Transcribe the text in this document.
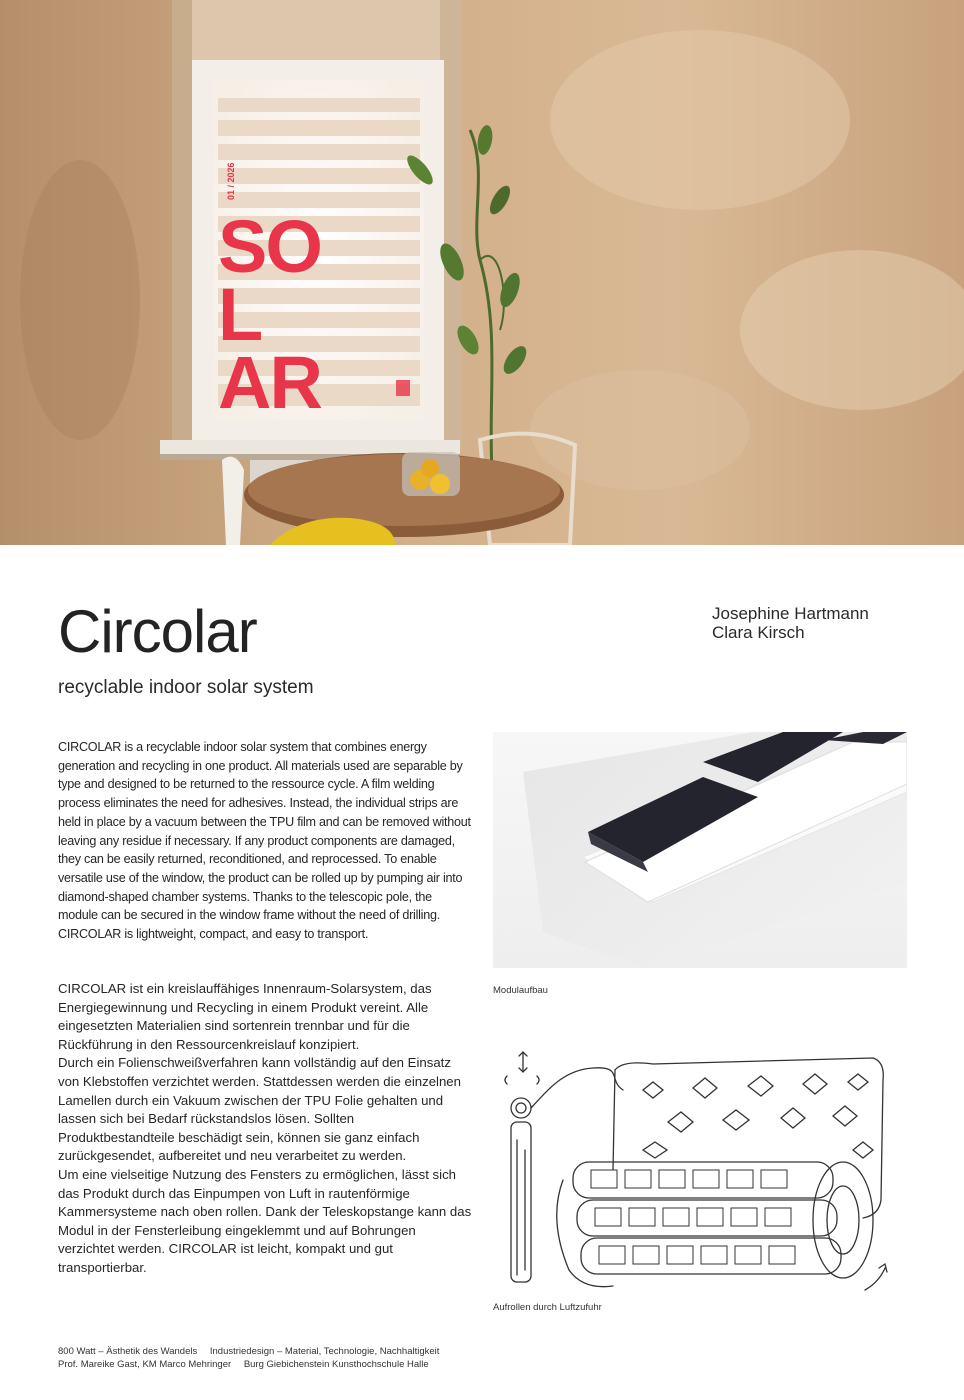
01 / 2026
SO
L
AR
Circolar
recyclable indoor solar system
Josephine Hartmann
Clara Kirsch

CIRCOLAR is a recyclable indoor solar system that combines energy generation and recycling in one product. All materials used are separable by type and designed to be returned to the ressource cycle. A film welding process eliminates the need for adhesives. Instead, the individual strips are held in place by a vacuum between the TPU film and can be removed without leaving any residue if necessary. If any product components are damaged, they can be easily returned, reconditioned, and reprocessed. To enable versatile use of the window, the product can be rolled up by pumping air into diamond-shaped chamber systems. Thanks to the telescopic pole, the module can be secured in the window frame without the need of drilling. CIRCOLAR is lightweight, compact, and easy to transport.

CIRCOLAR ist ein kreislauffähiges Innenraum-Solarsystem, das Energiegewinnung und Recycling in einem Produkt vereint. Alle eingesetzten Materialien sind sortenrein trennbar und für die Rückführung in den Ressourcenkreislauf konzipiert.

Durch ein Folienschweißverfahren kann vollständig auf den Einsatz von Klebstoffen verzichtet werden. Stattdessen werden die einzelnen Lamellen durch ein Vakuum zwischen der TPU Folie gehalten und lassen sich bei Bedarf rückstandslos lösen. Sollten Produktbestandteile beschädigt sein, können sie ganz einfach zurückgesendet, aufbereitet und neu verarbeitet zu werden.

Um eine vielseitige Nutzung des Fensters zu ermöglichen, lässt sich das Produkt durch das Einpumpen von Luft in rautenförmige Kammersysteme nach oben rollen. Dank der Teleskopstange kann das Modul in der Fensterleibung eingeklemmt und auf Bohrungen verzichtet werden. CIRCOLAR ist leicht, kompakt und gut transportierbar.

Modulaufbau
Aufrollen durch Luftzufuhr
800 Watt – Ästhetik des Wandels Industriedesign – Material, Technologie, Nachhaltigkeit
Prof. Mareike Gast, KM Marco Mehringer Burg Giebichenstein Kunsthochschule Halle
